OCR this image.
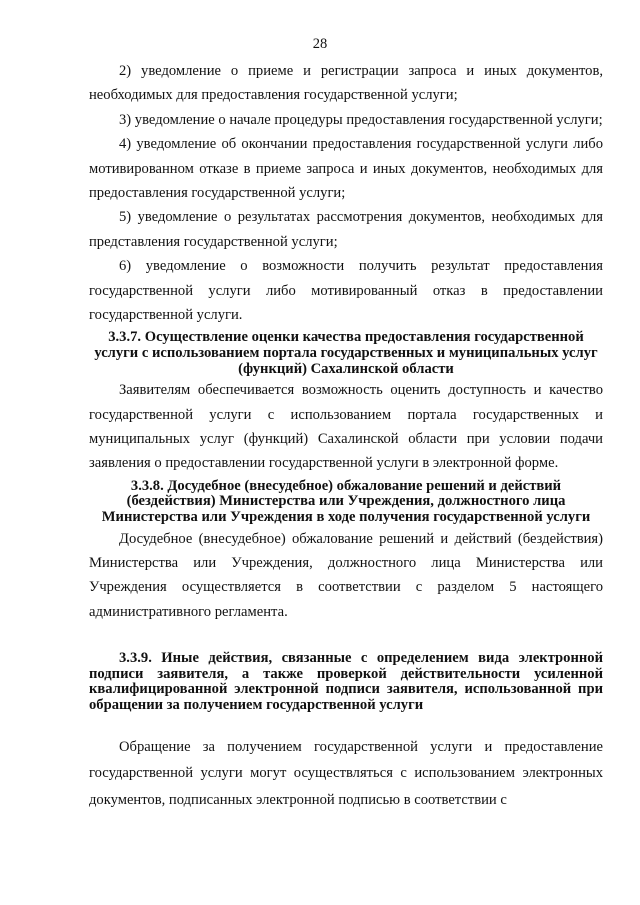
28

2) уведомление о приеме и регистрации запроса и иных документов, необходимых для предоставления государственной услуги;

3) уведомление о начале процедуры предоставления государственной услуги;

4) уведомление об окончании предоставления государственной услуги либо мотивированном отказе в приеме запроса и иных документов, необходимых для предоставления государственной услуги;

5) уведомление о результатах рассмотрения документов, необходимых для представления государственной услуги;

6) уведомление о возможности получить результат предоставления государственной услуги либо мотивированный отказ в предоставлении государственной услуги.

3.3.7. Осуществление оценки качества предоставления государственной услуги с использованием портала государственных и муниципальных услуг (функций) Сахалинской области

Заявителям обеспечивается возможность оценить доступность и качество государственной услуги с использованием портала государственных и муниципальных услуг (функций) Сахалинской области при условии подачи заявления о предоставлении государственной услуги в электронной форме.

3.3.8. Досудебное (внесудебное) обжалование решений и действий (бездействия) Министерства или Учреждения, должностного лица Министерства или Учреждения в ходе получения государственной услуги

Досудебное (внесудебное) обжалование решений и действий (бездействия) Министерства или Учреждения, должностного лица Министерства или Учреждения осуществляется в соответствии с разделом 5 настоящего административного регламента.

3.3.9. Иные действия, связанные с определением вида электронной подписи заявителя, а также проверкой действительности усиленной квалифицированной электронной подписи заявителя, использованной при обращении за получением государственной услуги

Обращение за получением государственной услуги и предоставление государственной услуги могут осуществляться с использованием электронных документов, подписанных электронной подписью в соответствии с
